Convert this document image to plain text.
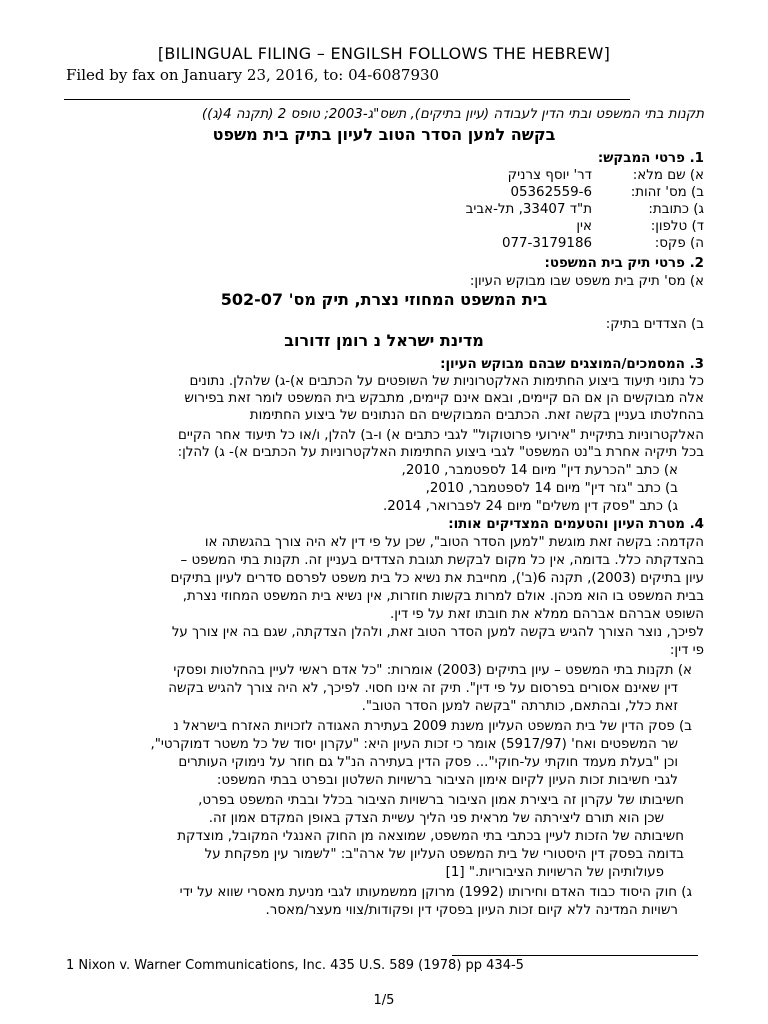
[BILINGUAL FILING – ENGILSH FOLLOWS THE HEBREW]
Filed by fax on January 23, 2016, to: 04-6087930
תקנות בתי המשפט ובתי הדין לעבודה (עיון בתיקים), תשס"ג-2003; טופס 2 (תקנה 4(ג))
בקשה למען הסדר הטוב לעיון בתיק בית משפט
1. פרטי המבקש:
א) שם מלא:
דר' יוסף צרניק
ב) מס' זהות:
05362559-6
ג) כתובת:
ת"ד 33407, תל-אביב
ד) טלפון:
אין
ה) פקס:
077-3179186
2. פרטי תיק בית המשפט:
א) מס' תיק בית משפט שבו מבוקש העיון:
בית המשפט המחוזי נצרת, תיק מס' 502-07
ב) הצדדים בתיק:
מדינת ישראל נ רומן זדורוב
3. המסמכים/המוצגים שבהם מבוקש העיון:
כל נתוני תיעוד ביצוע החתימות האלקטרוניות של השופטים על הכתבים א)-ג) שלהלן. נתונים
אלה מבוקשים הן אם הם קיימים, ובאם אינם קיימים, מתבקש בית המשפט לומר זאת בפירוש
בהחלטתו בעניין בקשה זאת. הכתבים המבוקשים הם הנתונים של ביצוע החתימות
האלקטרוניות בתיקיית "אירועי פרוטוקול" לגבי כתבים א) ו-ב) להלן, ו/או כל תיעוד אחר הקיים
בכל תיקיה אחרת ב"נט המשפט" לגבי ביצוע החתימות האלקטרוניות על הכתבים א)- ג) להלן:
א) כתב "הכרעת דין" מיום 14 לספטמבר, 2010,
ב) כתב "גזר דין" מיום 14 לספטמבר, 2010,
ג) כתב "פסק דין משלים" מיום 24 לפברואר, 2014.
4. מטרת העיון והטעמים המצדיקים אותו:
הקדמה: בקשה זאת מוגשת "למען הסדר הטוב", שכן על פי דין לא היה צורך בהגשתה או
בהצדקתה כלל. בדומה, אין כל מקום לבקשת תגובת הצדדים בעניין זה. תקנות בתי המשפט –
עיון בתיקים (2003), תקנה 6(ב'), מחייבת את נשיא כל בית משפט לפרסם סדרים לעיון בתיקים
בבית המשפט בו הוא מכהן. אולם למרות בקשות חוזרות, אין נשיא בית המשפט המחוזי נצרת,
השופט אברהם אברהם ממלא את חובתו זאת על פי דין.
לפיכך, נוצר הצורך להגיש בקשה למען הסדר הטוב זאת, ולהלן הצדקתה, שגם בה אין צורך על
פי דין:
א) תקנות בתי המשפט – עיון בתיקים (2003) אומרות: "כל אדם ראשי לעיין בהחלטות ופסקי
דין שאינם אסורים בפרסום על פי דין". תיק זה אינו חסוי. לפיכך, לא היה צורך להגיש בקשה
זאת כלל, ובהתאם, כותרתה "בקשה למען הסדר הטוב".
ב) פסק הדין של בית המשפט העליון משנת 2009 בעתירת האגודה לזכויות האזרח בישראל נ
שר המשפטים ואח' (5917/97) אומר כי זכות העיון היא: "עקרון יסוד של כל משטר דמוקרטי",
וכן "בעלת מעמד חוקתי על-חוקי"... פסק הדין בעתירה הנ"ל גם חוזר על נימוקי העותרים
לגבי חשיבות זכות העיון לקיום אימון הציבור ברשויות השלטון ובפרט בבתי המשפט:
חשיבותו של עקרון זה ביצירת אמון הציבור ברשויות הציבור בכלל ובבתי המשפט בפרט,
שכן הוא תורם ליצירתה של מראית פני הליך עשיית הצדק באופן המקדם אמון זה.
חשיבותה של הזכות לעיין בכתבי בתי המשפט, שמוצאה מן החוק האנגלי המקובל, מוצדקת
בדומה בפסק דין היסטורי של בית המשפט העליון של ארה"ב: "לשמור עין מפקחת על
פעולותיהן של הרשויות הציבוריות." [1]
ג) חוק היסוד כבוד האדם וחירותו (1992) מרוקן ממשמעותו לגבי מניעת מאסרי שווא על ידי
רשויות המדינה ללא קיום זכות העיון בפסקי דין ופקודות/צווי מעצר/מאסר.
1 Nixon v. Warner Communications, Inc. 435 U.S. 589 (1978) pp 434-5
1/5
